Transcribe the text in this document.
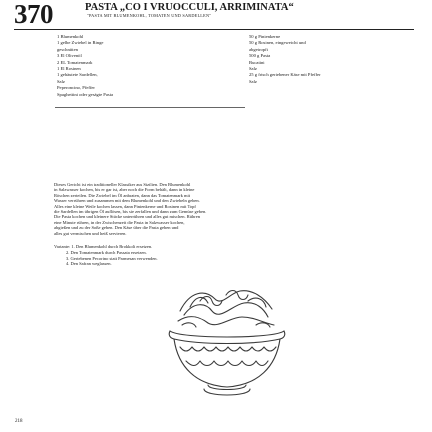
370	PASTA „CO I VRUOCCULI, ARRIMINATA“
"PASTA MIT BLUMENKOHL, TOMATEN UND SARDELLEN"
1 Blumenkohl
1 gelbe Zwiebel in Ringe
geschnitten
3 El Olivenöl
2 EL Tomatenmark
1 El Rosinen
1 gehäutete Sardellen,
Salz
Peperoncino, Pfeffer
Spaghettini oder gesägte Pasta
50 g Pinienkerne
50 g Rosinen, eingeweicht und
abgetropft
500 g Pasta
Bucatini
Salz
25 g frisch geriebener Käse mit Pfeffer
Salz
Dieses Gericht ist ein traditioneller Klassiker aus Sizilien. Den Blumenkohl
in Salzwasser kochen, bis er gar ist, aber noch die Form behält, dann in kleine
Röschen zerteilen. Die Zwiebel im Öl anbraten, dann das Tomatenmark mit
Wasser verrühren und zusammen mit dem Blumenkohl und den Zwiebeln geben.
Alles eine kleine Weile kochen lassen, dann Pinienkerne und Rosinen mit Topf
die Sardellen im übrigen Öl auflösen, bis sie zerfallen und dann zum Gemüse geben.
Die Pasta kochen und kleinere Stücke unterrühren und alles gut mischen. Rühren
eine Minute rühren, in der Zwischenzeit die Pasta in Salzwasser kochen,
abgießen und zu der Soße geben. Den Käse über die Pasta geben und
alles gut vermischen und heiß servieren.
Variante: 1. Den Blumenkohl durch Brokkoli ersetzen.
2. Den Tomatenmark durch Passata ersetzen.
3. Geriebenen Pecorino statt Parmesan verwenden.
4. Den Safran weglassen.
218
